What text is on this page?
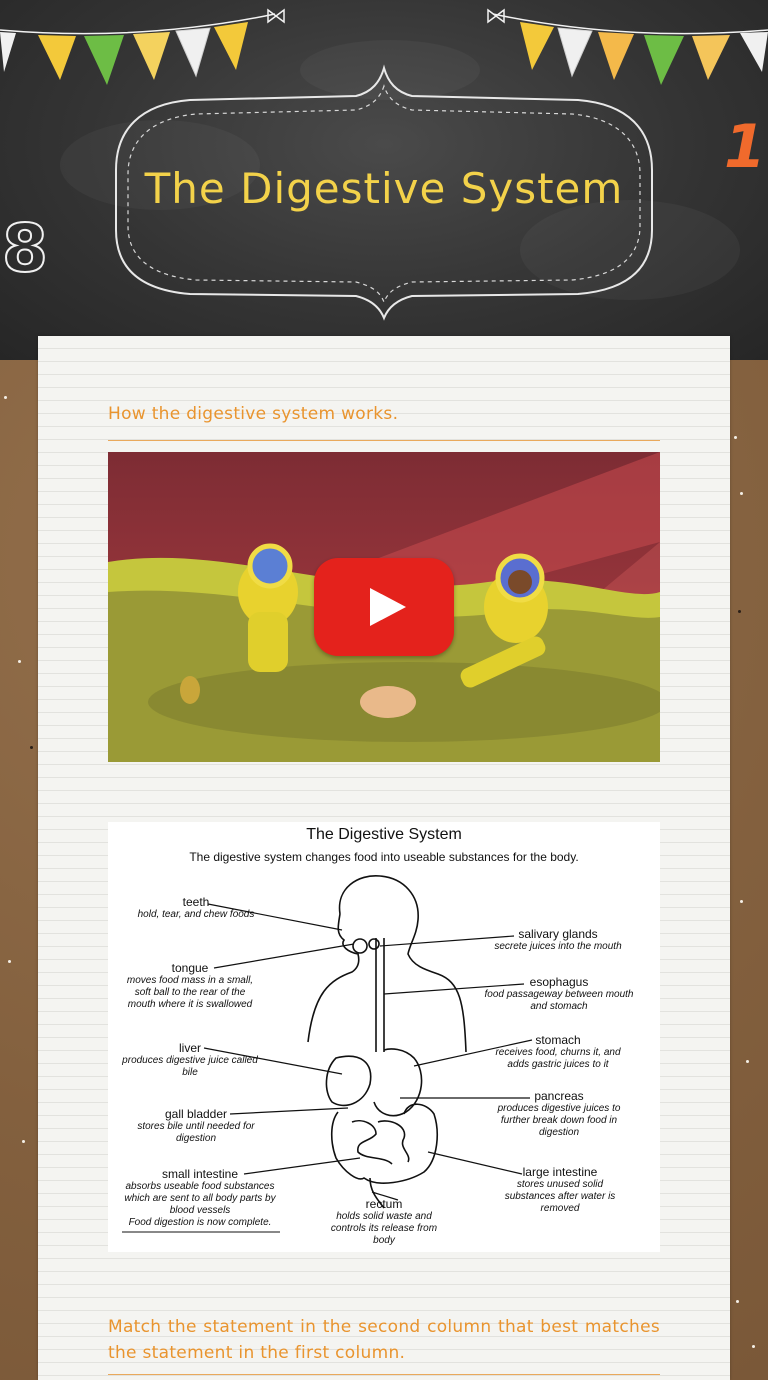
The Digestive System
8
1
How the digestive system works.
The Digestive System
The digestive system changes food into useable substances for the body.
teeth
hold, tear, and chew foods
tongue
moves food mass in a small, soft ball to the rear of the mouth where it is swallowed
liver
produces digestive juice called bile
gall bladder
stores bile until needed for digestion
small intestine
absorbs useable food substances which are sent to all body parts by blood vessels
Food digestion is now complete.
rectum
holds solid waste and controls its release from body
salivary glands
secrete juices into the mouth
esophagus
food passageway between mouth and stomach
stomach
receives food, churns it, and adds gastric juices to it
pancreas
produces digestive juices to further break down food in digestion
large intestine
stores unused solid substances after water is removed
Match the statement in the second column that best matches the statement in the first column.
